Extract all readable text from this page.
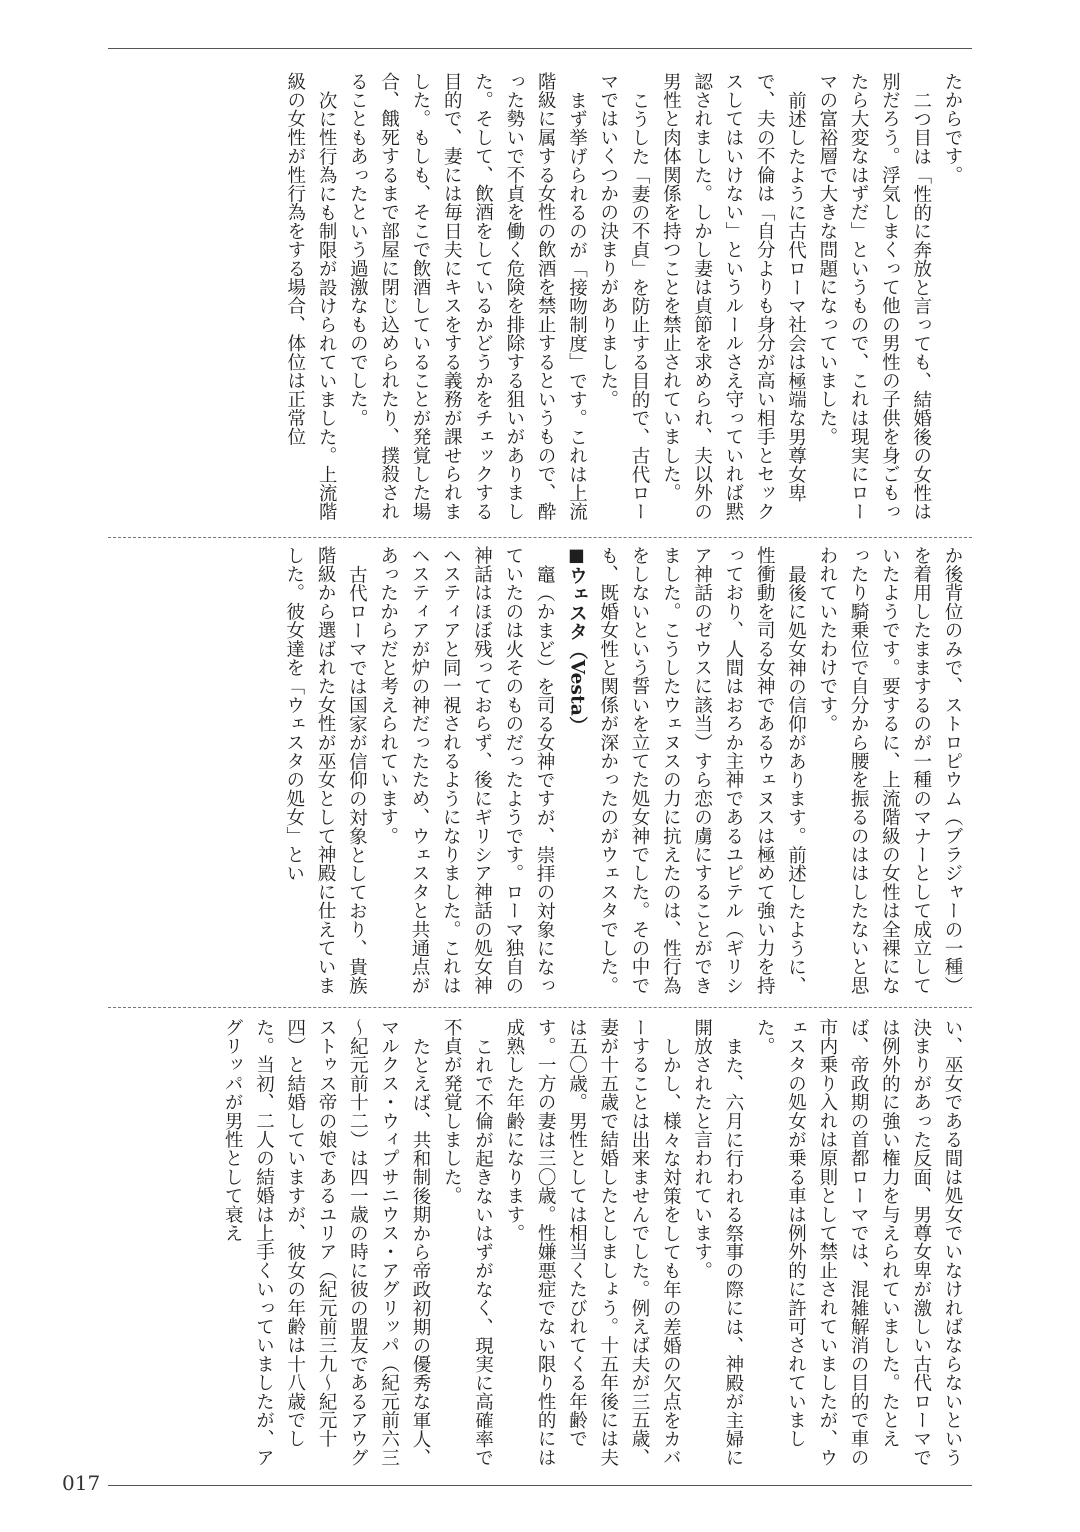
たからです。

二つ目は「性的に奔放と言っても、結婚後の女性は別だろう。浮気しまくって他の男性の子供を身ごもったら大変なはずだ」というもので、これは現実にローマの富裕層で大きな問題になっていました。

前述したように古代ローマ社会は極端な男尊女卑で、夫の不倫は「自分よりも身分が高い相手とセックスしてはいけない」というルールさえ守っていれば黙認されました。しかし妻は貞節を求められ、夫以外の男性と肉体関係を持つことを禁止されていました。

こうした「妻の不貞」を防止する目的で、古代ローマではいくつかの決まりがありました。

まず挙げられるのが「接吻制度」です。これは上流階級に属する女性の飲酒を禁止するというもので、酔った勢いで不貞を働く危険を排除する狙いがありました。そして、飲酒をしているかどうかをチェックする目的で、妻には毎日夫にキスをする義務が課せられました。もしも、そこで飲酒していることが発覚した場合、餓死するまで部屋に閉じ込められたり、撲殺されることもあったという過激なものでした。

次に性行為にも制限が設けられていました。上流階級の女性が性行為をする場合、体位は正常位

か後背位のみで、ストロピウム（ブラジャーの一種）を着用したままするのが一種のマナーとして成立していたようです。要するに、上流階級の女性は全裸になったり騎乗位で自分から腰を振るのははしたないと思われていたわけです。

最後に処女神の信仰があります。前述したように、性衝動を司る女神であるウェヌスは極めて強い力を持っており、人間はおろか主神であるユピテル（ギリシア神話のゼウスに該当）すら恋の虜にすることができました。こうしたウェヌスの力に抗えたのは、性行為をしないという誓いを立てた処女神でした。その中でも、既婚女性と関係が深かったのがウェスタでした。

■ウェスタ（Vesta）

竈（かまど）を司る女神ですが、崇拝の対象になっていたのは火そのものだったようです。ローマ独自の神話はほぼ残っておらず、後にギリシア神話の処女神ヘスティアと同一視されるようになりました。これはヘスティアが炉の神だったため、ウェスタと共通点があったからだと考えられています。

古代ローマでは国家が信仰の対象としており、貴族階級から選ばれた女性が巫女として神殿に仕えていました。彼女達を「ウェスタの処女」とい

い、巫女である間は処女でいなければならないという決まりがあった反面、男尊女卑が激しい古代ローマでは例外的に強い権力を与えられていました。たとえば、帝政期の首都ローマでは、混雑解消の目的で車の市内乗り入れは原則として禁止されていましたが、ウェスタの処女が乗る車は例外的に許可されていました。

また、六月に行われる祭事の際には、神殿が主婦に開放されたと言われています。

しかし、様々な対策をしても年の差婚の欠点をカバーすることは出来ませんでした。例えば夫が三五歳、妻が十五歳で結婚したとしましょう。十五年後には夫は五〇歳。男性としては相当くたびれてくる年齢です。一方の妻は三〇歳。性嫌悪症でない限り性的には成熟した年齢になります。

これで不倫が起きないはずがなく、現実に高確率で不貞が発覚しました。

たとえば、共和制後期から帝政初期の優秀な軍人、マルクス・ウィプサニウス・アグリッパ（紀元前六三～紀元前十二）は四一歳の時に彼の盟友であるアウグストゥス帝の娘であるユリア（紀元前三九～紀元十四）と結婚していますが、彼女の年齢は十八歳でした。当初、二人の結婚は上手くいっていましたが、アグリッパが男性として衰え

017
